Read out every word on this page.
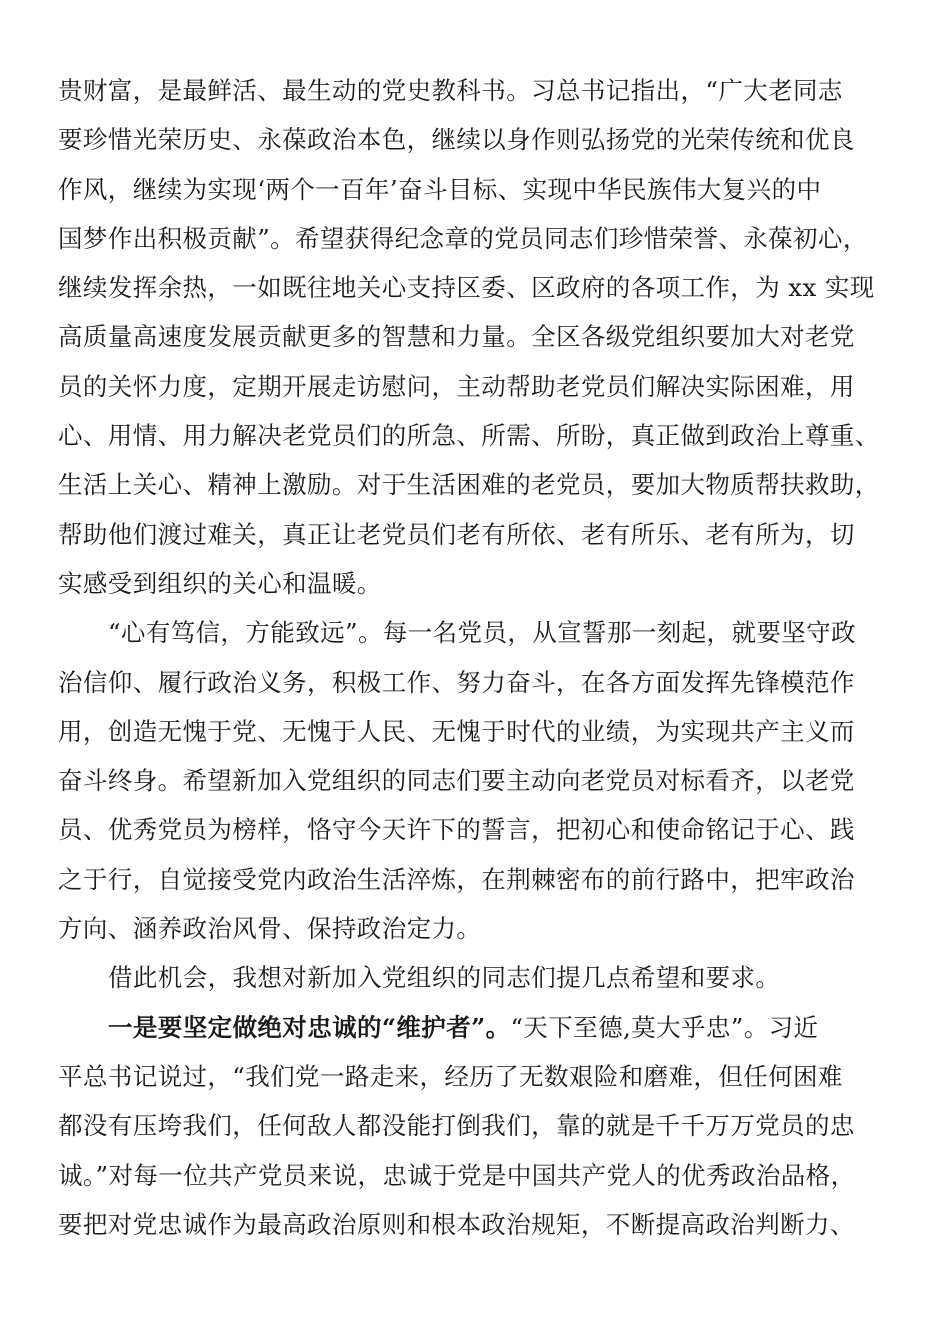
贵财富，是最鲜活、最生动的党史教科书。习总书记指出，“广大老同志
要珍惜光荣历史、永葆政治本色，继续以身作则弘扬党的光荣传统和优良
作风，继续为实现‘两个一百年’奋斗目标、实现中华民族伟大复兴的中
国梦作出积极贡献”。希望获得纪念章的党员同志们珍惜荣誉、永葆初心，
继续发挥余热，一如既往地关心支持区委、区政府的各项工作，为 xx 实现
高质量高速度发展贡献更多的智慧和力量。全区各级党组织要加大对老党
员的关怀力度，定期开展走访慰问，主动帮助老党员们解决实际困难，用
心、用情、用力解决老党员们的所急、所需、所盼，真正做到政治上尊重、
生活上关心、精神上激励。对于生活困难的老党员，要加大物质帮扶救助，
帮助他们渡过难关，真正让老党员们老有所依、老有所乐、老有所为，切
实感受到组织的关心和温暖。
“心有笃信，方能致远”。每一名党员，从宣誓那一刻起，就要坚守政
治信仰、履行政治义务，积极工作、努力奋斗，在各方面发挥先锋模范作
用，创造无愧于党、无愧于人民、无愧于时代的业绩，为实现共产主义而
奋斗终身。希望新加入党组织的同志们要主动向老党员对标看齐，以老党
员、优秀党员为榜样，恪守今天许下的誓言，把初心和使命铭记于心、践
之于行，自觉接受党内政治生活淬炼，在荆棘密布的前行路中，把牢政治
方向、涵养政治风骨、保持政治定力。
借此机会，我想对新加入党组织的同志们提几点希望和要求。
一是要坚定做绝对忠诚的“维护者”。“天下至德,莫大乎忠”。习近
平总书记说过，“我们党一路走来，经历了无数艰险和磨难，但任何困难
都没有压垮我们，任何敌人都没能打倒我们，靠的就是千千万万党员的忠
诚。”对每一位共产党员来说，忠诚于党是中国共产党人的优秀政治品格，
要把对党忠诚作为最高政治原则和根本政治规矩，不断提高政治判断力、
